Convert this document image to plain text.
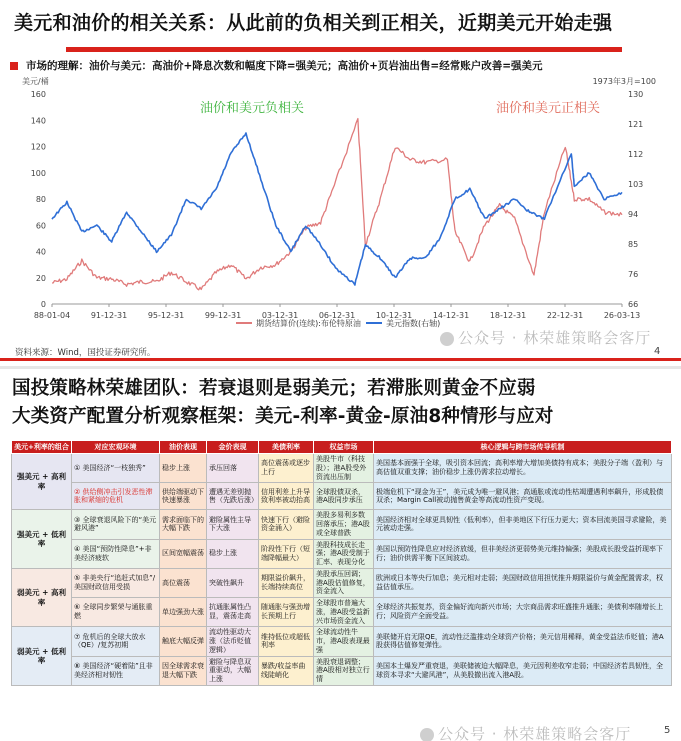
美元和油价的相关关系：从此前的负相关到正相关，近期美元开始走强
市场的理解：油价与美元：高油价+降息次数和幅度下降=强美元；高油价+页岩油出售=经常账户改善=强美元
160
140
120
100
80
60
40
20
0
130
121
112
103
94
85
76
66
美元/桶	1973年3月=100
88-01-04	91-12-31	95-12-31	99-12-31	03-12-31	06-12-31	10-12-31	14-12-31	18-12-31	22-12-31	26-03-13
油价和美元负相关	油价和美元正相关
期货结算价(连续):布伦特原油	美元指数(右轴)
资料来源：Wind，国投证券研究所。
公众号 · 林荣雄策略会客厅
4
国投策略林荣雄团队：若衰退则是弱美元；若滞胀则黄金不应弱
大类资产配置分析观察框架：美元-利率-黄金-原油8种情形与应对
美元+利率的组合	对应宏观环境	油价表现	金价表现	美债利率	权益市场	核心逻辑与跨市场传导机制
强美元 + 高利率	① 美国经济“一枝独秀”	稳步上涨	承压回落	高位震荡或逐步上行	美股牛市（科技股）；港A股受外资流出压制	美国基本面强于全球，吸引资本回流；高利率增大增加美债持有成本；美股分子端（盈利）与高估值双重支撑；油价稳步上涨仍需求拉动增长。
	② 供给侧冲击引发恶性滞胀和紧缩的危机	供给端驱动下快速暴涨	遭遇无差别抛售（先跌后涨）	信用利差上升导致利率被动抬高	全球股债双杀，港A股同步承压	极端危机下“现金为王”，美元成为唯一避风港；高通胀或流动性枯竭遭遇利率飙升，形成股债双杀；Margin Call被动抛售黄金等高流动性资产变现。
强美元 + 低利率	③ 全球衰退风险下的“美元避风港”	需求面临下的大幅下跌	避险属性主导下大涨	快速下行（避险资金涌入）	美股多易利多数回落承压；港A股或全球普跌	美国经济相对全球更具韧性（低利率），但非美地区下行压力更大；资本回流美国寻求避险，美元被动走强。
	④ 美国“预防性降息”+非美经济疲软	区间宽幅震荡	稳步上涨	阶段性下行（短端降幅最大）	美股科技成长走强；港A股受制于汇率、表现分化	美国以预防性降息应对经济放缓，但非美经济更弱势美元维持偏强；美股成长股受益折现率下行；油价供需平衡下区间波动。
弱美元 + 高利率	⑤ 非美央行“追赶式加息”/美国财政信用受损	高位震荡	突破性飙升	期限溢价飙升，长端持续高位	美股承压回调；港A股估值修复，资金流入	欧洲或日本等央行加息；美元相对走弱；美国财政信用担忧推升期限溢价与黄金配置需求，权益估值承压。
	⑥ 全球同步繁荣与通胀重燃	单边强劲大涨	抗通胀属性凸显，震荡走高	随通胀与强劲增长预期上行	全球股市普遍大涨，港A股受益新兴市场资金流入	全球经济共振复苏，资金偏好流向新兴市场；大宗商品需求旺盛推升通胀；美债利率随增长上行；风险资产全面受益。
弱美元 + 低利率	⑦ 危机后的全球大放水（QE）/复苏初期	触底大幅反弹	流动性驱动大涨（法币贬值逻辑）	维持低位或超低利率	全球流动性牛市，港A股表现最强	美联储开启无限QE，流动性泛滥推动全球资产价格；美元信用稀释，黄金受益法币贬值；港A股获得估值修复弹性。
	⑧ 美国经济“硬着陆”且非美经济相对韧性	因全球需求衰退大幅下跌	避险与降息双重驱动，大幅上涨	暴跌/收益率曲线陡峭化	美股衰退调整；港A股相对独立行情	美国本土爆发严重衰退，美联储被迫大幅降息，美元因利差收窄走弱；中国经济若具韧性，全球资本寻求“大避风港”，从美股撤出流入港A股。
公众号 · 林荣雄策略会客厅	5
